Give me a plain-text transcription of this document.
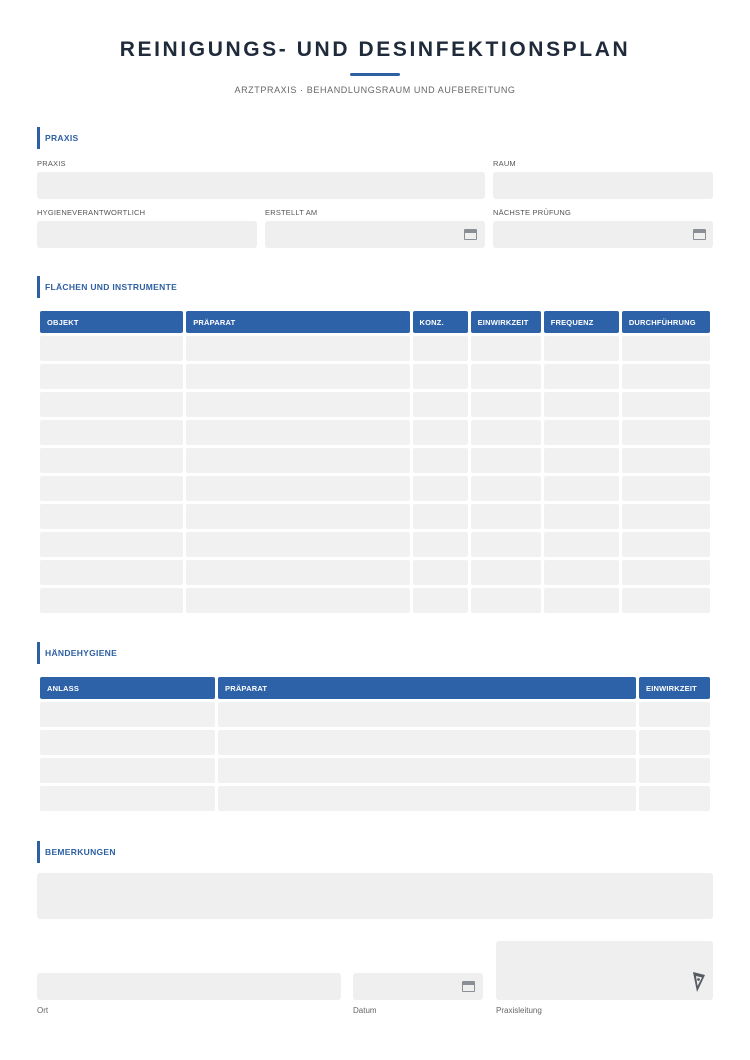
REINIGUNGS- UND DESINFEKTIONSPLAN
ARZTPRAXIS · BEHANDLUNGSRAUM UND AUFBEREITUNG
PRAXIS
PRAXIS	RAUM
HYGIENEVERANTWORTLICH	ERSTELLT AM	NÄCHSTE PRÜFUNG
FLÄCHEN UND INSTRUMENTE
OBJEKT	PRÄPARAT	KONZ.	EINWIRKZEIT	FREQUENZ	DURCHFÜHRUNG

HÄNDEHYGIENE
ANLASS	PRÄPARAT	EINWIRKZEIT

BEMERKUNGEN
Ort	Datum	Praxisleitung
